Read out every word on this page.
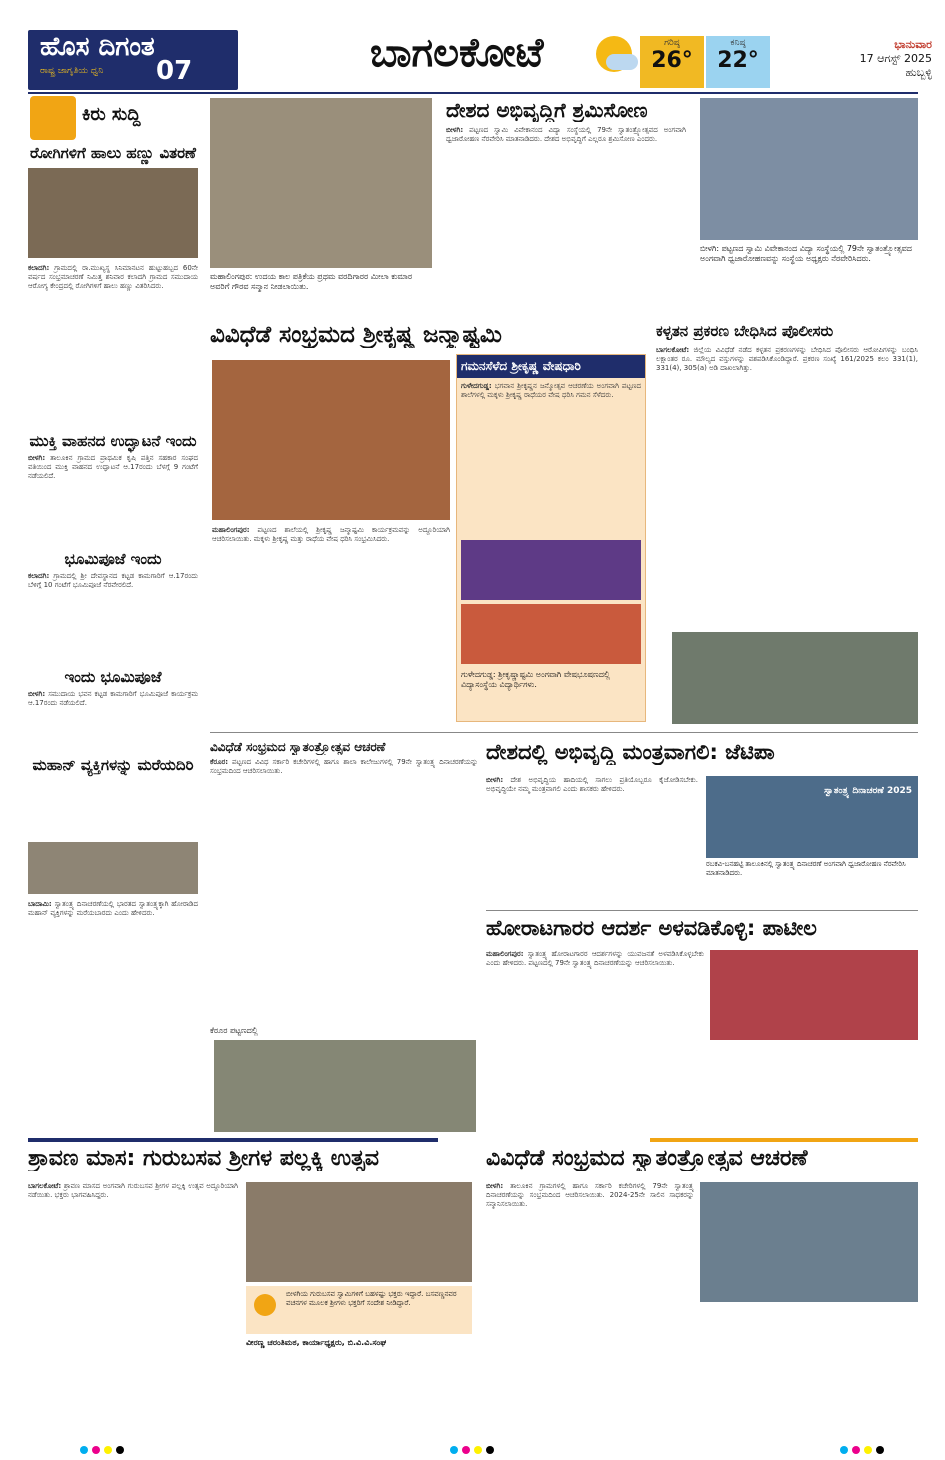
ಹೊಸ ದಿಗಂತ
ರಾಷ್ಟ್ರ ಜಾಗೃತಿಯ ಧ್ವನಿ 07	ಬಾಗಲಕೋಟೆ	ಗರಿಷ್ಠ
26°
ಕನಿಷ್ಠ
22°
ಭಾನುವಾರ
17 ಆಗಸ್ಟ್ 2025
ಹುಬ್ಬಳ್ಳಿ
ಕಿರು ಸುದ್ದಿ
ರೋಗಿಗಳಿಗೆ ಹಾಲು ಹಣ್ಣು ವಿತರಣೆ
ಕಲಾದಗಿ: ಗ್ರಾಮದಲ್ಲಿ ರಾ.ಮುಖ್ಯಸ್ಥ ಸಿನಿಮಾನಟನ ಹುಟ್ಟುಹಬ್ಬದ 60ನೇ ವರ್ಷದ ಸಂಭ್ರಮಾಚರಣೆ ನಿಮಿತ್ತ ಶನಿವಾರ ಕಲಾದಗಿ ಗ್ರಾಮದ ಸಮುದಾಯ ಆರೋಗ್ಯ ಕೇಂದ್ರದಲ್ಲಿ ರೋಗಿಗಳಿಗೆ ಹಾಲು ಹಣ್ಣು ವಿತರಿಸಿದರು.
ಮುಕ್ತಿ ವಾಹನದ ಉದ್ಘಾಟನೆ ಇಂದು
ಬೀಳಗಿ: ತಾಲೂಕಿನ ಗ್ರಾಮದ ಪ್ರಾಥಮಿಕ ಕೃಷಿ ಪತ್ತಿನ ಸಹಕಾರ ಸಂಘದ ವತಿಯಿಂದ ಮುಕ್ತಿ ವಾಹನದ ಉದ್ಘಾಟನೆ ಆ.17ರಂದು ಬೆಳಗ್ಗೆ 9 ಗಂಟೆಗೆ ನಡೆಯಲಿದೆ.
ಭೂಮಿಪೂಜೆ ಇಂದು
ಕಲಾದಗಿ: ಗ್ರಾಮದಲ್ಲಿ ಶ್ರೀ ದೇವಸ್ಥಾನದ ಕಟ್ಟಡ ಕಾಮಗಾರಿಗೆ ಆ.17ರಂದು ಬೆಳಿಗ್ಗೆ 10 ಗಂಟೆಗೆ ಭೂಮಿಪೂಜೆ ನೆರವೇರಲಿದೆ.
ಇಂದು ಭೂಮಿಪೂಜೆ
ಬೀಳಗಿ: ಸಮುದಾಯ ಭವನ ಕಟ್ಟಡ ಕಾಮಗಾರಿಗೆ ಭೂಮಿಪೂಜೆ ಕಾರ್ಯಕ್ರಮ ಆ.17ರಂದು ನಡೆಯಲಿದೆ.
ಮಹಾನ್ ವ್ಯಕ್ತಿಗಳನ್ನು ಮರೆಯದಿರಿ
ಬಾದಾಮಿ: ಸ್ವಾತಂತ್ರ್ಯ ದಿನಾಚರಣೆಯಲ್ಲಿ ಭಾರತದ ಸ್ವಾತಂತ್ರ್ಯಕ್ಕಾಗಿ ಹೋರಾಡಿದ ಮಹಾನ್ ವ್ಯಕ್ತಿಗಳನ್ನು ಮರೆಯಬಾರದು ಎಂದು ಹೇಳಿದರು.
ಮಹಾಲಿಂಗಪುರ: ಉದಯ ಕಾಲ ಪತ್ರಿಕೆಯ ಪ್ರಥಮ ವರದಿಗಾರರ ಮೀಲಾ ಕುಮಾರ ಅವರಿಗೆ ಗೌರವ ಸನ್ಮಾನ ನೀಡಲಾಯಿತು.
ದೇಶದ ಅಭಿವೃದ್ಧಿಗೆ ಶ್ರಮಿಸೋಣ
ಬೀಳಗಿ: ಪಟ್ಟಣದ ಸ್ವಾಮಿ ವಿವೇಕಾನಂದ ವಿದ್ಯಾ ಸಂಸ್ಥೆಯಲ್ಲಿ 79ನೇ ಸ್ವಾತಂತ್ರ್ಯೋತ್ಸವದ ಅಂಗವಾಗಿ ಧ್ವಜಾರೋಹಣ ನೆರವೇರಿಸಿ ಮಾತನಾಡಿದರು. ದೇಶದ ಅಭಿವೃದ್ಧಿಗೆ ಎಲ್ಲರೂ ಶ್ರಮಿಸೋಣ ಎಂದರು.
ಬೀಳಗಿ: ಪಟ್ಟಣದ ಸ್ವಾಮಿ ವಿವೇಕಾನಂದ ವಿದ್ಯಾ ಸಂಸ್ಥೆಯಲ್ಲಿ 79ನೇ ಸ್ವಾತಂತ್ರ್ಯೋತ್ಸವದ ಅಂಗವಾಗಿ ಧ್ವಜಾರೋಹಣವನ್ನು ಸಂಸ್ಥೆಯ ಅಧ್ಯಕ್ಷರು ನೆರವೇರಿಸಿದರು.
ವಿವಿಧೆಡೆ ಸಂಭ್ರಮದ ಶ್ರೀಕೃಷ್ಣ ಜನ್ಮಾಷ್ಟಮಿ
ಗಮನಸೆಳೆದ ಶ್ರೀಕೃಷ್ಣ ವೇಷಧಾರಿ
ಗುಳೇದಗುಡ್ಡ: ಭಗವಾನ ಶ್ರೀಕೃಷ್ಣನ ಜನ್ಮೋತ್ಸವ ಆಚರಣೆಯ ಅಂಗವಾಗಿ ಪಟ್ಟಣದ ಶಾಲೆಗಳಲ್ಲಿ ಮಕ್ಕಳು ಶ್ರೀಕೃಷ್ಣ ರಾಧೆಯರ ವೇಷ ಧರಿಸಿ ಗಮನ ಸೆಳೆದರು.
ಗುಳೇದಗುಡ್ಡ: ಶ್ರೀಕೃಷ್ಣಾಷ್ಟಮಿ ಅಂಗವಾಗಿ ವೇಷಭೂಷಣದಲ್ಲಿ ವಿದ್ಯಾಸಂಸ್ಥೆಯ ವಿದ್ಯಾರ್ಥಿಗಳು.
ಮಹಾಲಿಂಗಪುರ: ಪಟ್ಟಣದ ಶಾಲೆಯಲ್ಲಿ ಶ್ರೀಕೃಷ್ಣ ಜನ್ಮಾಷ್ಟಮಿ ಕಾರ್ಯಕ್ರಮವನ್ನು ಅದ್ದೂರಿಯಾಗಿ ಆಚರಿಸಲಾಯಿತು. ಮಕ್ಕಳು ಶ್ರೀಕೃಷ್ಣ ಮತ್ತು ರಾಧೆಯ ವೇಷ ಧರಿಸಿ ಸಂಭ್ರಮಿಸಿದರು.
ಕಳ್ಳತನ ಪ್ರಕರಣ ಬೇಧಿಸಿದ ಪೊಲೀಸರು
ಬಾಗಲಕೋಟೆ: ಜಿಲ್ಲೆಯ ವಿವಿಧೆಡೆ ನಡೆದ ಕಳ್ಳತನ ಪ್ರಕರಣಗಳನ್ನು ಬೇಧಿಸಿದ ಪೊಲೀಸರು ಆರೋಪಿಗಳನ್ನು ಬಂಧಿಸಿ ಲಕ್ಷಾಂತರ ರೂ. ಮೌಲ್ಯದ ವಸ್ತುಗಳನ್ನು ವಶಪಡಿಸಿಕೊಂಡಿದ್ದಾರೆ. ಪ್ರಕರಣ ಸಂಖ್ಯೆ 161/2025 ಕಲಂ 331(1), 331(4), 305(a) ಅಡಿ ದಾಖಲಾಗಿತ್ತು.
ವಿವಿಧೆಡೆ ಸಂಭ್ರಮದ ಸ್ವಾತಂತ್ರ್ಯೋತ್ಸವ ಆಚರಣೆ
ಕೆರೂರ: ಪಟ್ಟಣದ ವಿವಿಧ ಸರ್ಕಾರಿ ಕಚೇರಿಗಳಲ್ಲಿ ಹಾಗೂ ಶಾಲಾ ಕಾಲೇಜುಗಳಲ್ಲಿ 79ನೇ ಸ್ವಾತಂತ್ರ್ಯ ದಿನಾಚರಣೆಯನ್ನು ಸಂಭ್ರಮದಿಂದ ಆಚರಿಸಲಾಯಿತು.
ಕೆರೂರ ಪಟ್ಟಣದಲ್ಲಿ
ದೇಶದಲ್ಲಿ ಅಭಿವೃದ್ಧಿ ಮಂತ್ರವಾಗಲಿ: ಜೆಟಿಪಾ
ಬೀಳಗಿ: ದೇಶ ಅಭಿವೃದ್ಧಿಯ ಹಾದಿಯಲ್ಲಿ ಸಾಗಲು ಪ್ರತಿಯೊಬ್ಬರೂ ಕೈಜೋಡಿಸಬೇಕು. ಅಭಿವೃದ್ಧಿಯೇ ನಮ್ಮ ಮಂತ್ರವಾಗಲಿ ಎಂದು ಶಾಸಕರು ಹೇಳಿದರು.	ಸ್ವಾತಂತ್ರ್ಯ ದಿನಾಚರಣೆ 2025
ರಬಕವಿ-ಬನಹಟ್ಟಿ ತಾಲೂಕಿನಲ್ಲಿ ಸ್ವಾತಂತ್ರ್ಯ ದಿನಾಚರಣೆ ಅಂಗವಾಗಿ ಧ್ವಜಾರೋಹಣ ನೆರವೇರಿಸಿ ಮಾತನಾಡಿದರು.
ಹೋರಾಟಗಾರರ ಆದರ್ಶ ಅಳವಡಿಕೊಳ್ಳಿ: ಪಾಟೀಲ
ಮಹಾಲಿಂಗಪುರ: ಸ್ವಾತಂತ್ರ್ಯ ಹೋರಾಟಗಾರರ ಆದರ್ಶಗಳನ್ನು ಯುವಜನತೆ ಅಳವಡಿಸಿಕೊಳ್ಳಬೇಕು ಎಂದು ಹೇಳಿದರು. ಪಟ್ಟಣದಲ್ಲಿ 79ನೇ ಸ್ವಾತಂತ್ರ್ಯ ದಿನಾಚರಣೆಯನ್ನು ಆಚರಿಸಲಾಯಿತು.
ಶ್ರಾವಣ ಮಾಸ: ಗುರುಬಸವ ಶ್ರೀಗಳ ಪಲ್ಲಕ್ಕಿ ಉತ್ಸವ
ಬಾಗಲಕೋಟೆ: ಶ್ರಾವಣ ಮಾಸದ ಅಂಗವಾಗಿ ಗುರುಬಸವ ಶ್ರೀಗಳ ಪಲ್ಲಕ್ಕಿ ಉತ್ಸವ ಅದ್ದೂರಿಯಾಗಿ ನಡೆಯಿತು. ಭಕ್ತರು ಭಾಗವಹಿಸಿದ್ದರು.
ಬೀಳಗಿಯ ಗುರುಬಸವ ಸ್ವಾಮಿಗಳಿಗೆ ಬಹಳಷ್ಟು ಭಕ್ತರು ಇದ್ದಾರೆ. ಬಸವಣ್ಣನವರ ವಚನಗಳ ಮೂಲಕ ಶ್ರೀಗಳು ಭಕ್ತರಿಗೆ ಸಂದೇಶ ನೀಡಿದ್ದಾರೆ.
ವೀರಣ್ಣ ಚರಂತಿಮಠ, ಕಾರ್ಯಾಧ್ಯಕ್ಷರು, ಬಿ.ವಿ.ವಿ.ಸಂಘ
ವಿವಿಧೆಡೆ ಸಂಭ್ರಮದ ಸ್ವಾತಂತ್ರ್ಯೋತ್ಸವ ಆಚರಣೆ
ಬೀಳಗಿ: ತಾಲೂಕಿನ ಗ್ರಾಮಗಳಲ್ಲಿ ಹಾಗೂ ಸರ್ಕಾರಿ ಕಚೇರಿಗಳಲ್ಲಿ 79ನೇ ಸ್ವಾತಂತ್ರ್ಯ ದಿನಾಚರಣೆಯನ್ನು ಸಂಭ್ರಮದಿಂದ ಆಚರಿಸಲಾಯಿತು. 2024-25ನೇ ಸಾಲಿನ ಸಾಧಕರನ್ನು ಸನ್ಮಾನಿಸಲಾಯಿತು.
